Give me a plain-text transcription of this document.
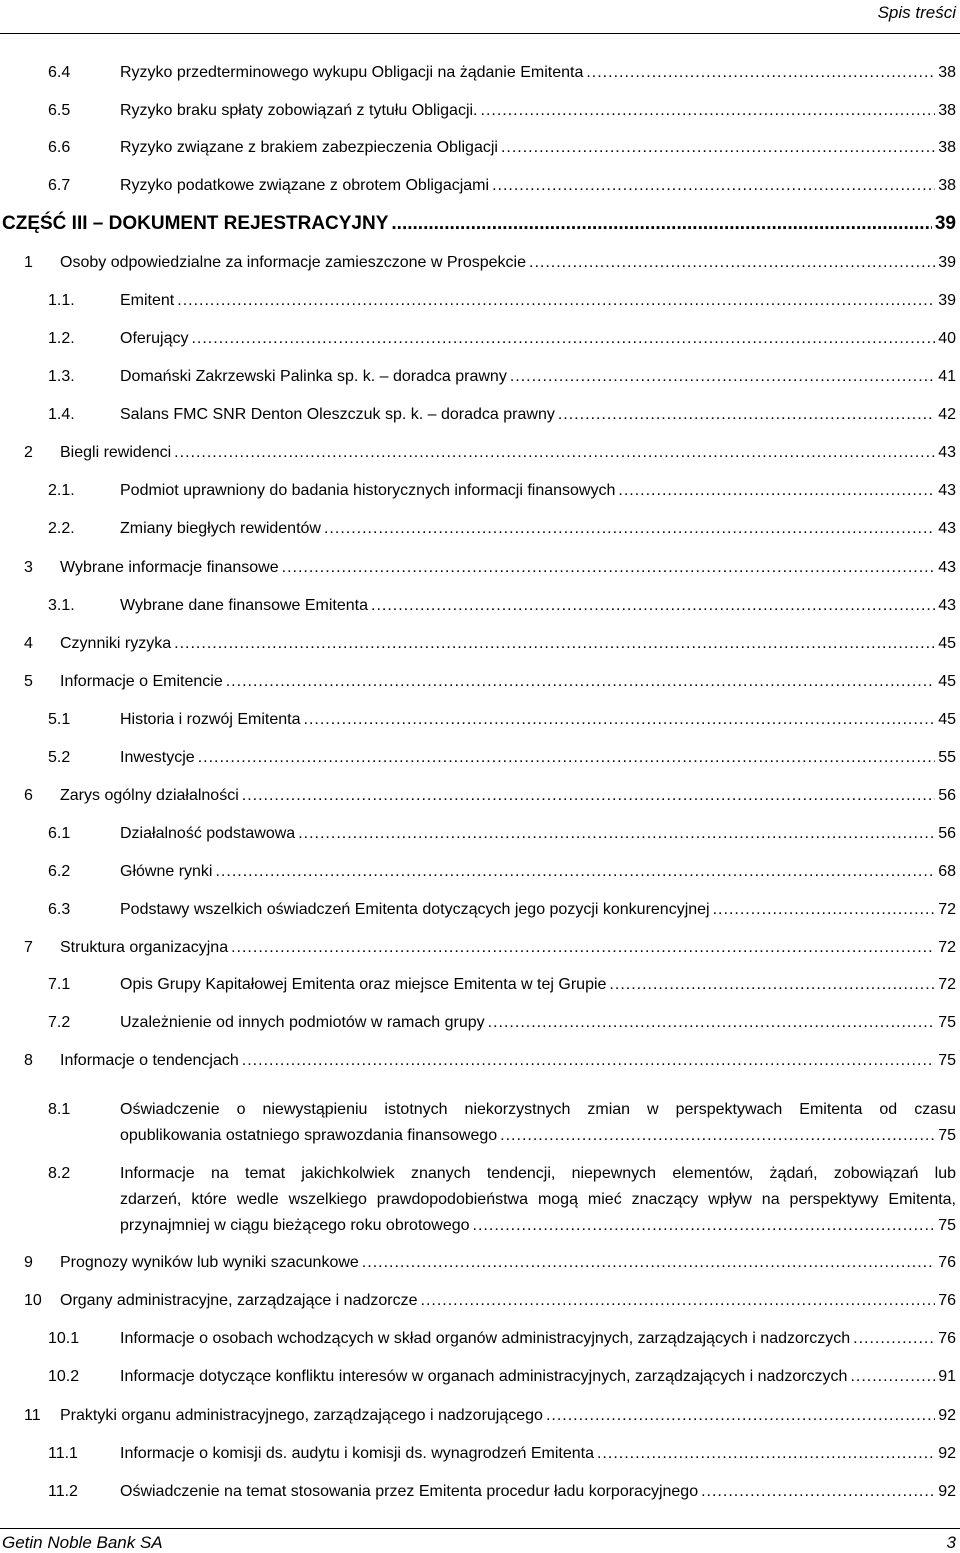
Spis treści
6.4	Ryzyko przedterminowego wykupu Obligacji na żądanie Emitenta .....	38
6.5	Ryzyko braku spłaty zobowiązań z tytułu Obligacji. .....	38
6.6	Ryzyko związane z brakiem zabezpieczenia Obligacji .....	38
6.7	Ryzyko podatkowe związane z obrotem Obligacjami .....	38
CZĘŚĆ III – DOKUMENT REJESTRACYJNY .....	39
1 Osoby odpowiedzialne za informacje zamieszczone w Prospekcie .....	39
1.1.	Emitent .....	39
1.2.	Oferujący .....	40
1.3.	Domański Zakrzewski Palinka sp. k. – doradca prawny .....	41
1.4.	Salans FMC SNR Denton Oleszczuk sp. k. – doradca prawny .....	42
2 Biegli rewidenci .....	43
2.1.	Podmiot uprawniony do badania historycznych informacji finansowych .....	43
2.2.	Zmiany biegłych rewidentów .....	43
3 Wybrane informacje finansowe .....	43
3.1.	Wybrane dane finansowe Emitenta .....	43
4 Czynniki ryzyka .....	45
5 Informacje o Emitencie .....	45
5.1	Historia i rozwój Emitenta .....	45
5.2	Inwestycje .....	55
6 Zarys ogólny działalności .....	56
6.1	Działalność podstawowa .....	56
6.2	Główne rynki .....	68
6.3	Podstawy wszelkich oświadczeń Emitenta dotyczących jego pozycji konkurencyjnej .....	72
7 Struktura organizacyjna .....	72
7.1	Opis Grupy Kapitałowej Emitenta oraz miejsce Emitenta w tej Grupie .....	72
7.2	Uzależnienie od innych podmiotów w ramach grupy .....	75
8 Informacje o tendencjach .....	75
8.1	Oświadczenie o niewystąpieniu istotnych niekorzystnych zmian w perspektywach Emitenta od czasu
opublikowania ostatniego sprawozdania finansowego .....	75
8.2	Informacje na temat jakichkolwiek znanych tendencji, niepewnych elementów, żądań, zobowiązań lub
zdarzeń, które wedle wszelkiego prawdopodobieństwa mogą mieć znaczący wpływ na perspektywy Emitenta,
przynajmniej w ciągu bieżącego roku obrotowego .....	75
9 Prognozy wyników lub wyniki szacunkowe .....	76
10 Organy administracyjne, zarządzające i nadzorcze .....	76
10.1	Informacje o osobach wchodzących w skład organów administracyjnych, zarządzających i nadzorczych .....	76
10.2	Informacje dotyczące konfliktu interesów w organach administracyjnych, zarządzających i nadzorczych .....	91
11 Praktyki organu administracyjnego, zarządzającego i nadzorującego .....	92
11.1	Informacje o komisji ds. audytu i komisji ds. wynagrodzeń Emitenta .....	92
11.2	Oświadczenie na temat stosowania przez Emitenta procedur ładu korporacyjnego .....	92
Getin Noble Bank SA	3
